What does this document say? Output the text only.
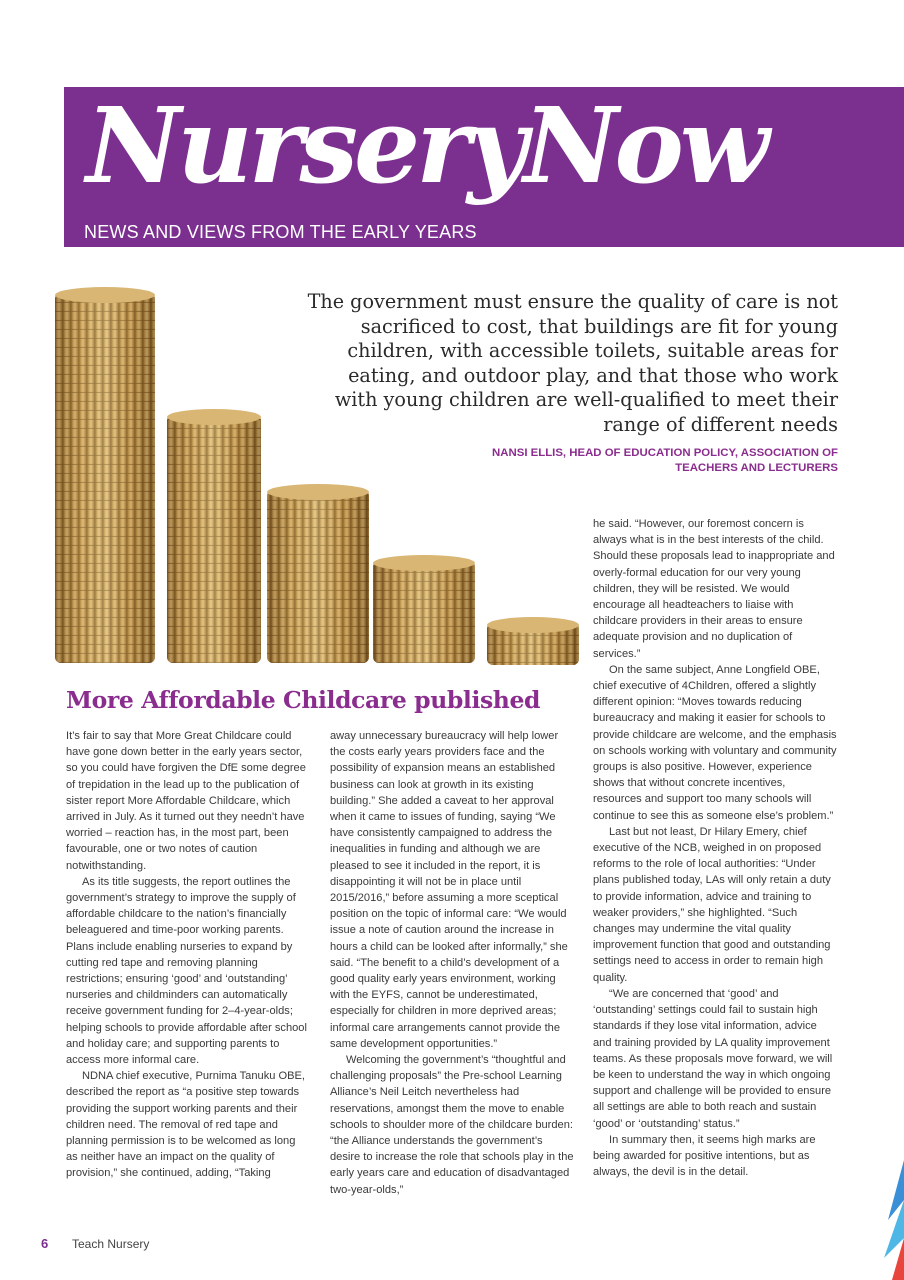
NurseryNow
NEWS AND VIEWS FROM THE EARLY YEARS

The government must ensure the quality of care is not sacrificed to cost, that buildings are fit for young children, with accessible toilets, suitable areas for eating, and outdoor play, and that those who work with young children are well-qualified to meet their range of different needs

NANSI ELLIS, HEAD OF EDUCATION POLICY, ASSOCIATION OF TEACHERS AND LECTURERS

More Affordable Childcare published

It’s fair to say that More Great Childcare could have gone down better in the early years sector, so you could have forgiven the DfE some degree of trepidation in the lead up to the publication of sister report More Affordable Childcare, which arrived in July. As it turned out they needn’t have worried – reaction has, in the most part, been favourable, one or two notes of caution notwithstanding.

As its title suggests, the report outlines the government’s strategy to improve the supply of affordable childcare to the nation’s financially beleaguered and time-poor working parents. Plans include enabling nurseries to expand by cutting red tape and removing planning restrictions; ensuring ‘good’ and ‘outstanding’ nurseries and childminders can automatically receive government funding for 2–4-year-olds; helping schools to provide affordable after school and holiday care; and supporting parents to access more informal care.

NDNA chief executive, Purnima Tanuku OBE, described the report as “a positive step towards providing the support working parents and their children need. The removal of red tape and planning permission is to be welcomed as long as neither have an impact on the quality of provision,” she continued, adding, “Taking

away unnecessary bureaucracy will help lower the costs early years providers face and the possibility of expansion means an established business can look at growth in its existing building.” She added a caveat to her approval when it came to issues of funding, saying “We have consistently campaigned to address the inequalities in funding and although we are pleased to see it included in the report, it is disappointing it will not be in place until 2015/2016,” before assuming a more sceptical position on the topic of informal care: “We would issue a note of caution around the increase in hours a child can be looked after informally,” she said. “The benefit to a child’s development of a good quality early years environment, working with the EYFS, cannot be underestimated, especially for children in more deprived areas; informal care arrangements cannot provide the same development opportunities.”

Welcoming the government’s “thoughtful and challenging proposals” the Pre-school Learning Alliance’s Neil Leitch nevertheless had reservations, amongst them the move to enable schools to shoulder more of the childcare burden: “the Alliance understands the government’s desire to increase the role that schools play in the early years care and education of disadvantaged two-year-olds,”

he said. “However, our foremost concern is always what is in the best interests of the child. Should these proposals lead to inappropriate and overly-formal education for our very young children, they will be resisted. We would encourage all headteachers to liaise with childcare providers in their areas to ensure adequate provision and no duplication of services.”

On the same subject, Anne Longfield OBE, chief executive of 4Children, offered a slightly different opinion: “Moves towards reducing bureaucracy and making it easier for schools to provide childcare are welcome, and the emphasis on schools working with voluntary and community groups is also positive. However, experience shows that without concrete incentives, resources and support too many schools will continue to see this as someone else’s problem.”

Last but not least, Dr Hilary Emery, chief executive of the NCB, weighed in on proposed reforms to the role of local authorities: “Under plans published today, LAs will only retain a duty to provide information, advice and training to weaker providers,” she highlighted. “Such changes may undermine the vital quality improvement function that good and outstanding settings need to access in order to remain high quality.

“We are concerned that ‘good’ and ‘outstanding’ settings could fail to sustain high standards if they lose vital information, advice and training provided by LA quality improvement teams. As these proposals move forward, we will be keen to understand the way in which ongoing support and challenge will be provided to ensure all settings are able to both reach and sustain ‘good’ or ‘outstanding’ status.”

In summary then, it seems high marks are being awarded for positive intentions, but as always, the devil is in the detail.

6 Teach Nursery
